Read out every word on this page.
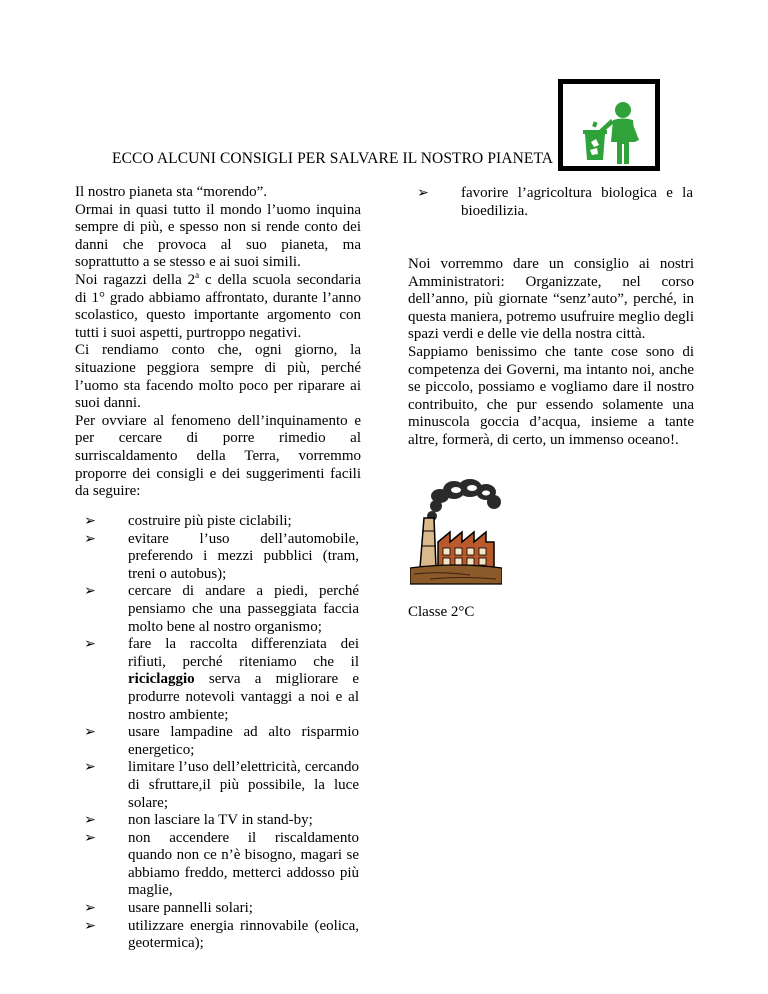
ECCO ALCUNI CONSIGLI PER SALVARE IL NOSTRO PIANETA

Il nostro pianeta sta “morendo”.

Ormai in quasi tutto il mondo l’uomo inquina sempre di più, e spesso non si rende conto dei danni che provoca al suo pianeta, ma soprattutto a se stesso e ai suoi simili.

Noi ragazzi della 2$^a$ c della scuola secondaria di 1° grado abbiamo affrontato, durante l’anno scolastico, questo importante argomento con tutti i suoi aspetti, purtroppo negativi.

Ci rendiamo conto che, ogni giorno, la situazione peggiora sempre di più, perché l’uomo sta facendo molto poco per riparare ai suoi danni.

Per ovviare al fenomeno dell’inquinamento e per cercare di porre rimedio al surriscaldamento della Terra, vorremmo proporre dei consigli e dei suggerimenti facili da seguire:

➢ costruire più piste ciclabili;
➢ evitare l’uso dell’automobile, preferendo i mezzi pubblici (tram, treni o autobus);
➢ cercare di andare a piedi, perché pensiamo che una passeggiata faccia molto bene al nostro organismo;
➢ fare la raccolta differenziata dei rifiuti, perché riteniamo che il riciclaggio serva a migliorare e produrre notevoli vantaggi a noi e al nostro ambiente;
➢ usare lampadine ad alto risparmio energetico;
➢ limitare l’uso dell’elettricità, cercando di sfruttare,il più possibile, la luce solare;
➢ non lasciare la TV in stand-by;
➢ non accendere il riscaldamento quando non ce n’è bisogno, magari se abbiamo freddo, metterci addosso più maglie,
➢ usare pannelli solari;
➢ utilizzare energia rinnovabile (eolica, geotermica);
➢ favorire l’agricoltura biologica e la bioedilizia.

Noi vorremmo dare un consiglio ai nostri Amministratori: Organizzate, nel corso dell’anno, più giornate “senz’auto”, perché, in questa maniera, potremo usufruire meglio degli spazi verdi e delle vie della nostra città.

Sappiamo benissimo che tante cose sono di competenza dei Governi, ma intanto noi, anche se piccolo, possiamo e vogliamo dare il nostro contribuito, che pur essendo solamente una minuscola goccia d’acqua, insieme a tante altre, formerà, di certo, un immenso oceano!.

Classe 2°C
